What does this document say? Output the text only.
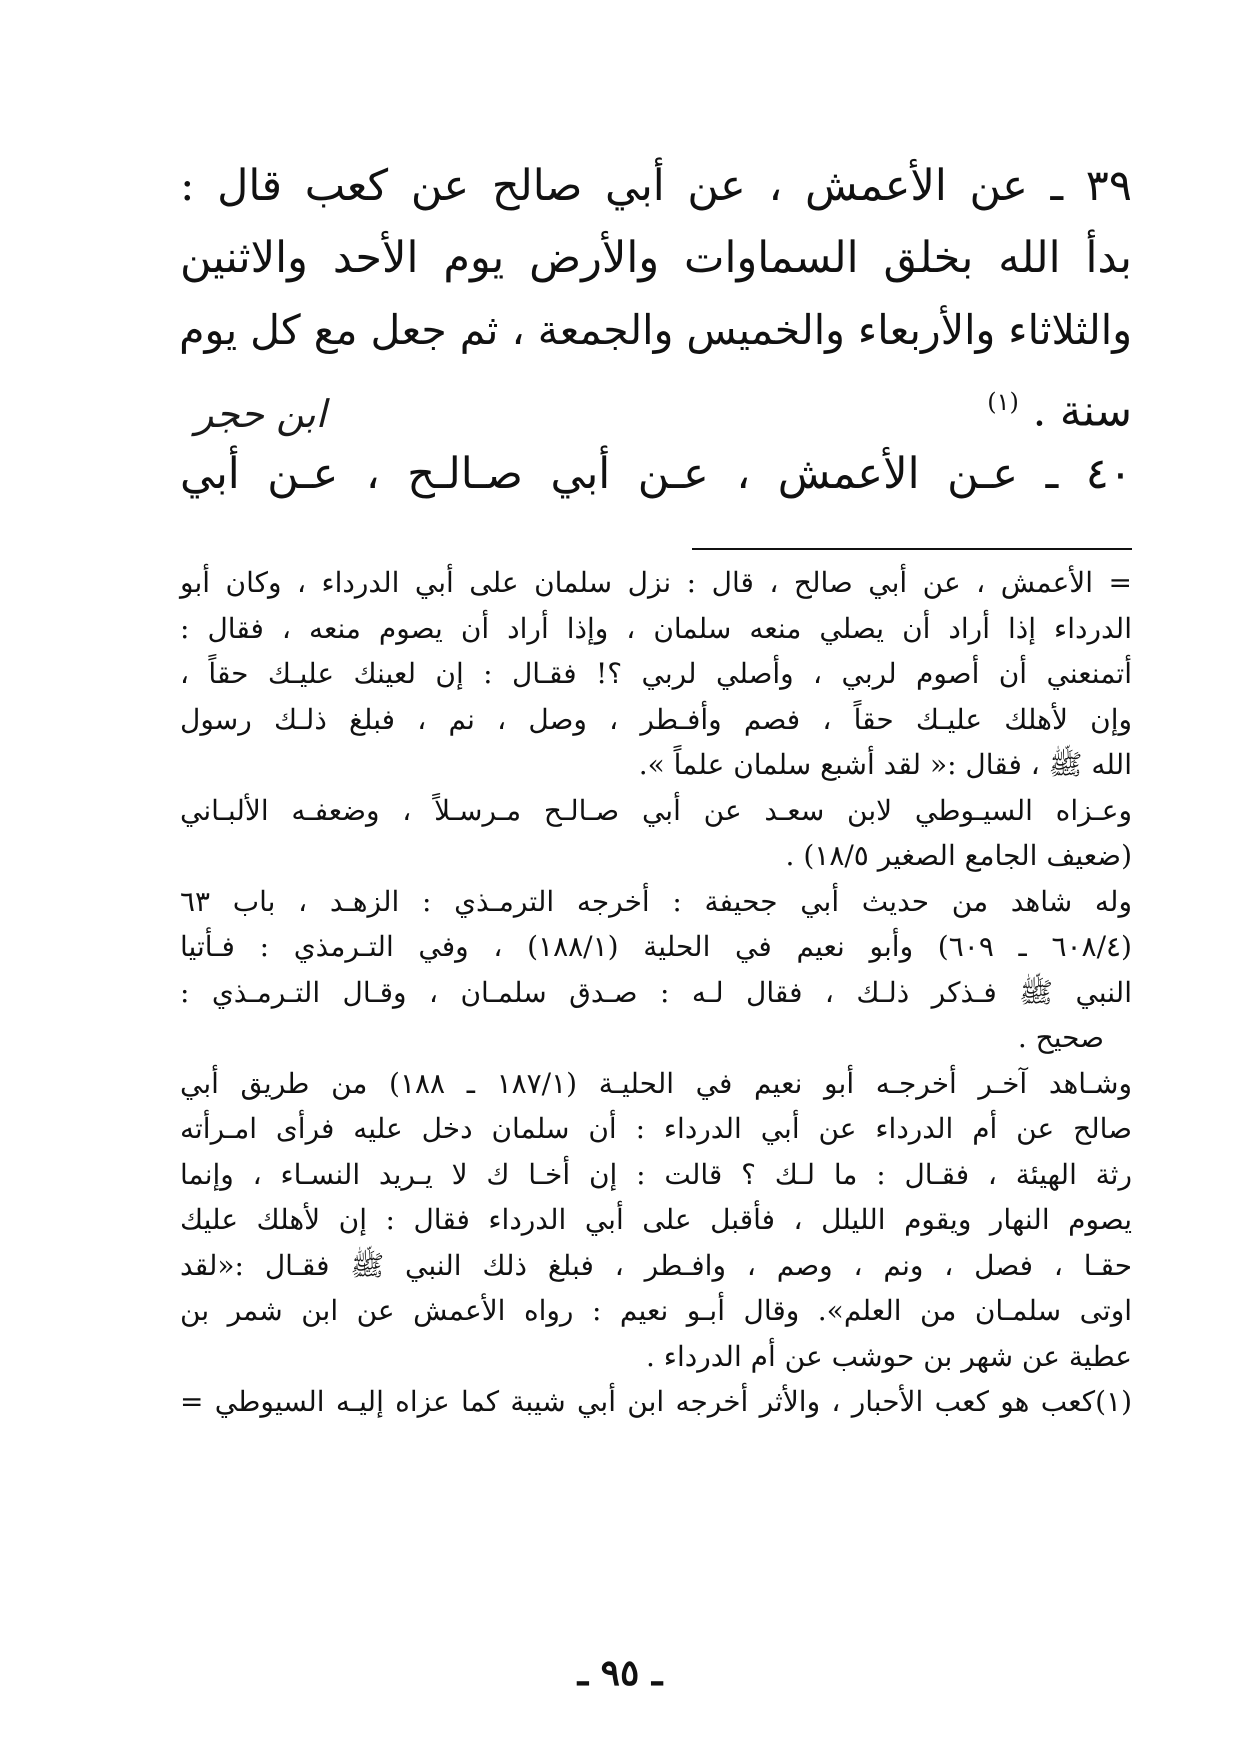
٣٩ ـ عن الأعمش ، عن أبي صالح عن كعب قال :
بدأ الله بخلق السماوات والأرض يوم الأحد والاثنين
والثلاثاء والأربعاء والخميس والجمعة ، ثم جعل مع كل يوم
سنة . $^{(١)}$
٤٠ ـ عـن الأعمش ، عـن أبي صـالـح ، عـن أبي
ابن حجر
= الأعمش ، عن أبي صالح ، قال : نزل سلمان على أبي الدرداء ، وكان أبو
الدرداء إذا أراد أن يصلي منعه سلمان ، وإذا أراد أن يصوم منعه ، فقال :
أتمنعني أن أصوم لربي ، وأصلي لربي ؟! فقـال : إن لعينك عليـك حقاً ،
وإن لأهلك عليـك حقاً ، فصم وأفـطر ، وصل ، نم ، فبلغ ذلـك رسول
الله ﷺ ، فقال :« لقد أشبع سلمان علماً ».
وعـزاه السيـوطي لابن سعـد عن أبي صـالـح مـرسـلاً ، وضعفـه الألبـاني
(ضعيف الجامع الصغير ١٨/٥) .
وله شاهد من حديث أبي جحيفة : أخرجه الترمـذي : الزهـد ، باب ٦٣
(٦٠٨/٤ ـ ٦٠٩) وأبو نعيم في الحلية (١٨٨/١) ، وفي التـرمذي : فـأتيا
النبي ﷺ فـذكر ذلـك ، فقال لـه : صـدق سلمـان ، وقـال التـرمـذي :
صحيح .
وشـاهد آخـر أخرجـه أبو نعيم في الحليـة (١٨٧/١ ـ ١٨٨) من طريق أبي
صالح عن أم الدرداء عن أبي الدرداء : أن سلمان دخل عليه فرأى امـرأته
رثة الهيئة ، فقـال : ما لـك ؟ قالت : إن أخـا ك لا يـريد النسـاء ، وإنما
يصوم النهار ويقوم الليلل ، فأقبل على أبي الدرداء فقال : إن لأهلك عليك
حقـا ، فصل ، ونم ، وصم ، وافـطر ، فبلغ ذلك النبي ﷺ فقـال :«لقد
اوتى سلمـان من العلم». وقال أبـو نعيم : رواه الأعمش عن ابن شمر بن
عطية عن شهر بن حوشب عن أم الدرداء .
(١)كعب هو كعب الأحبار ، والأثر أخرجه ابن أبي شيبة كما عزاه إليـه السيوطي =
ـ ٩٥ ـ
